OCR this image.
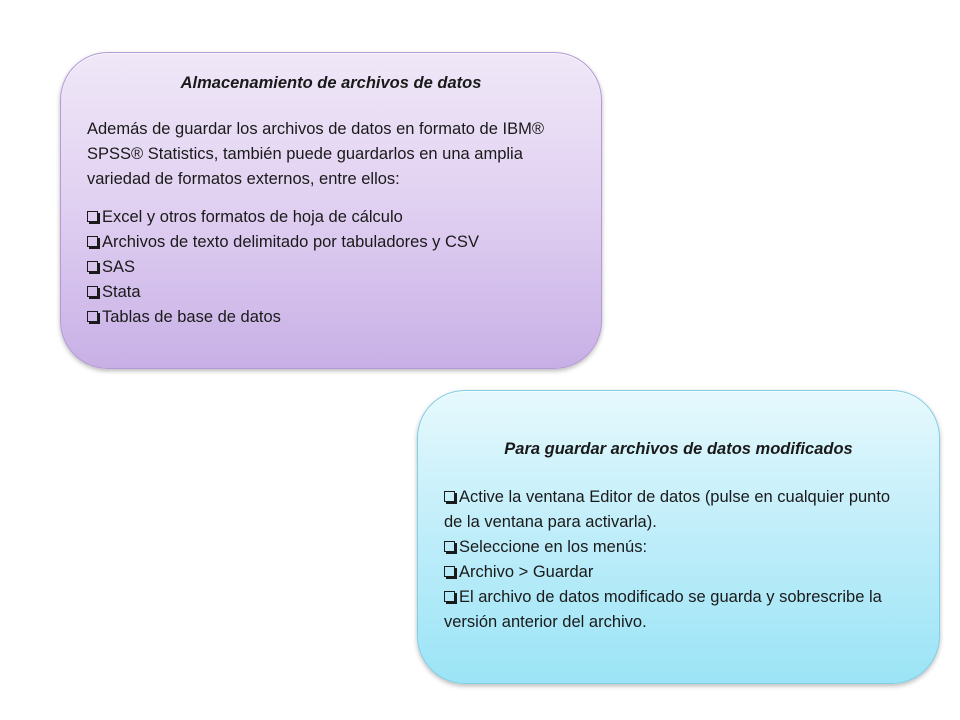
Almacenamiento de archivos de datos

Además de guardar los archivos de datos en formato de IBM® SPSS® Statistics, también puede guardarlos en una amplia variedad de formatos externos, entre ellos:

Excel y otros formatos de hoja de cálculo
Archivos de texto delimitado por tabuladores y CSV
SAS
Stata
Tablas de base de datos

Para guardar archivos de datos modificados

Active la ventana Editor de datos (pulse en cualquier punto de la ventana para activarla).
Seleccione en los menús:
Archivo > Guardar
El archivo de datos modificado se guarda y sobrescribe la versión anterior del archivo.
